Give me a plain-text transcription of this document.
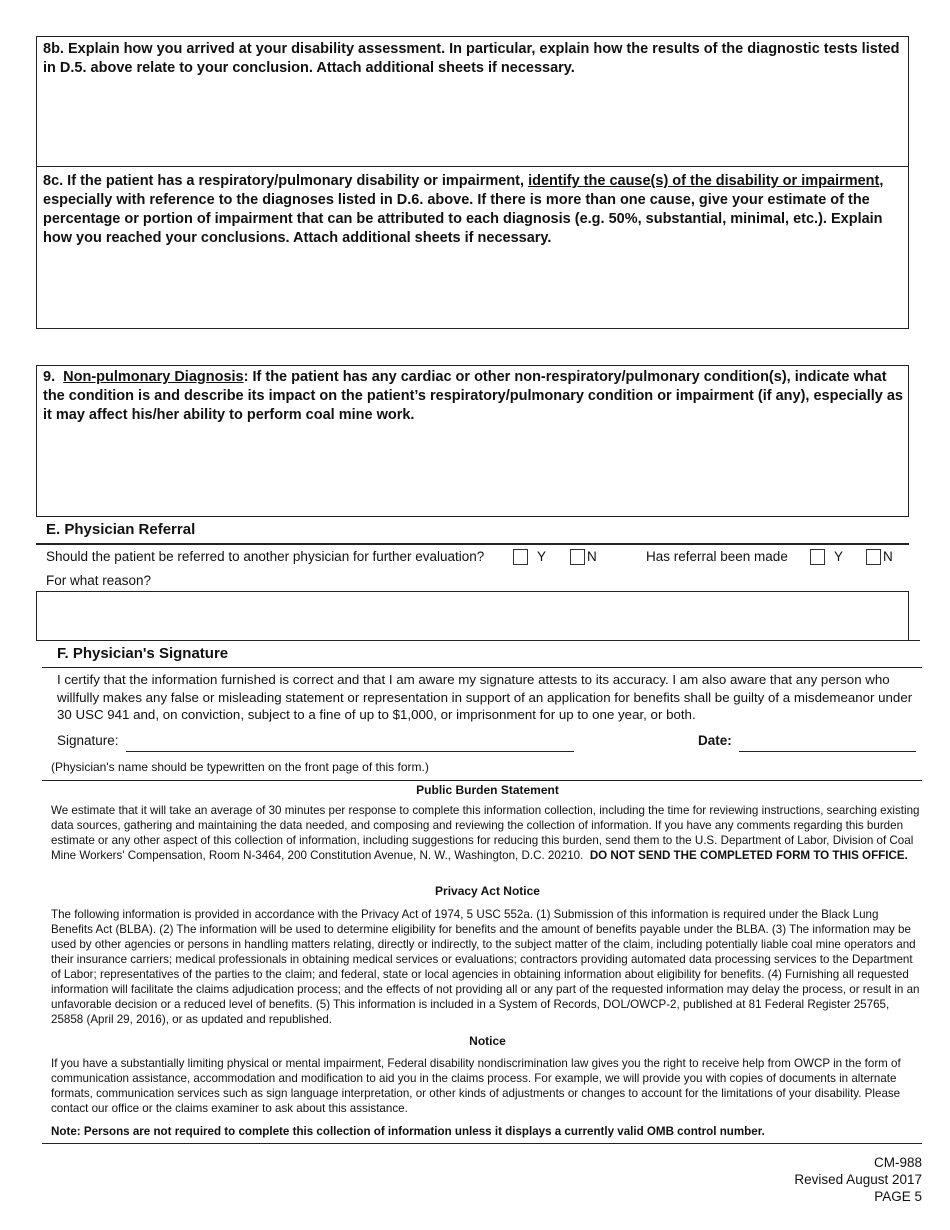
8b. Explain how you arrived at your disability assessment. In particular, explain how the results of the diagnostic tests listed in D.5. above relate to your conclusion. Attach additional sheets if necessary.
8c. If the patient has a respiratory/pulmonary disability or impairment, identify the cause(s) of the disability or impairment, especially with reference to the diagnoses listed in D.6. above. If there is more than one cause, give your estimate of the percentage or portion of impairment that can be attributed to each diagnosis (e.g. 50%, substantial, minimal, etc.). Explain how you reached your conclusions. Attach additional sheets if necessary.
9. Non-pulmonary Diagnosis: If the patient has any cardiac or other non-respiratory/pulmonary condition(s), indicate what the condition is and describe its impact on the patient’s respiratory/pulmonary condition or impairment (if any), especially as it may affect his/her ability to perform coal mine work.
E. Physician Referral
Should the patient be referred to another physician for further evaluation?	Y	N	Has referral been made	Y	N
For what reason?
F. Physician's Signature
I certify that the information furnished is correct and that I am aware my signature attests to its accuracy. I am also aware that any person who willfully makes any false or misleading statement or representation in support of an application for benefits shall be guilty of a misdemeanor under 30 USC 941 and, on conviction, subject to a fine of up to $1,000, or imprisonment for up to one year, or both.
Signature:	Date:
(Physician's name should be typewritten on the front page of this form.)
Public Burden Statement
We estimate that it will take an average of 30 minutes per response to complete this information collection, including the time for reviewing instructions, searching existing data sources, gathering and maintaining the data needed, and composing and reviewing the collection of information. If you have any comments regarding this burden estimate or any other aspect of this collection of information, including suggestions for reducing this burden, send them to the U.S. Department of Labor, Division of Coal Mine Workers' Compensation, Room N-3464, 200 Constitution Avenue, N. W., Washington, D.C. 20210. DO NOT SEND THE COMPLETED FORM TO THIS OFFICE.
Privacy Act Notice
The following information is provided in accordance with the Privacy Act of 1974, 5 USC 552a. (1) Submission of this information is required under the Black Lung Benefits Act (BLBA). (2) The information will be used to determine eligibility for benefits and the amount of benefits payable under the BLBA. (3) The information may be used by other agencies or persons in handling matters relating, directly or indirectly, to the subject matter of the claim, including potentially liable coal mine operators and their insurance carriers; medical professionals in obtaining medical services or evaluations; contractors providing automated data processing services to the Department of Labor; representatives of the parties to the claim; and federal, state or local agencies in obtaining information about eligibility for benefits. (4) Furnishing all requested information will facilitate the claims adjudication process; and the effects of not providing all or any part of the requested information may delay the process, or result in an unfavorable decision or a reduced level of benefits. (5) This information is included in a System of Records, DOL/OWCP-2, published at 81 Federal Register 25765, 25858 (April 29, 2016), or as updated and republished.
Notice
If you have a substantially limiting physical or mental impairment, Federal disability nondiscrimination law gives you the right to receive help from OWCP in the form of communication assistance, accommodation and modification to aid you in the claims process. For example, we will provide you with copies of documents in alternate formats, communication services such as sign language interpretation, or other kinds of adjustments or changes to account for the limitations of your disability. Please contact our office or the claims examiner to ask about this assistance.
Note: Persons are not required to complete this collection of information unless it displays a currently valid OMB control number.
CM-988
Revised August 2017
PAGE 5
